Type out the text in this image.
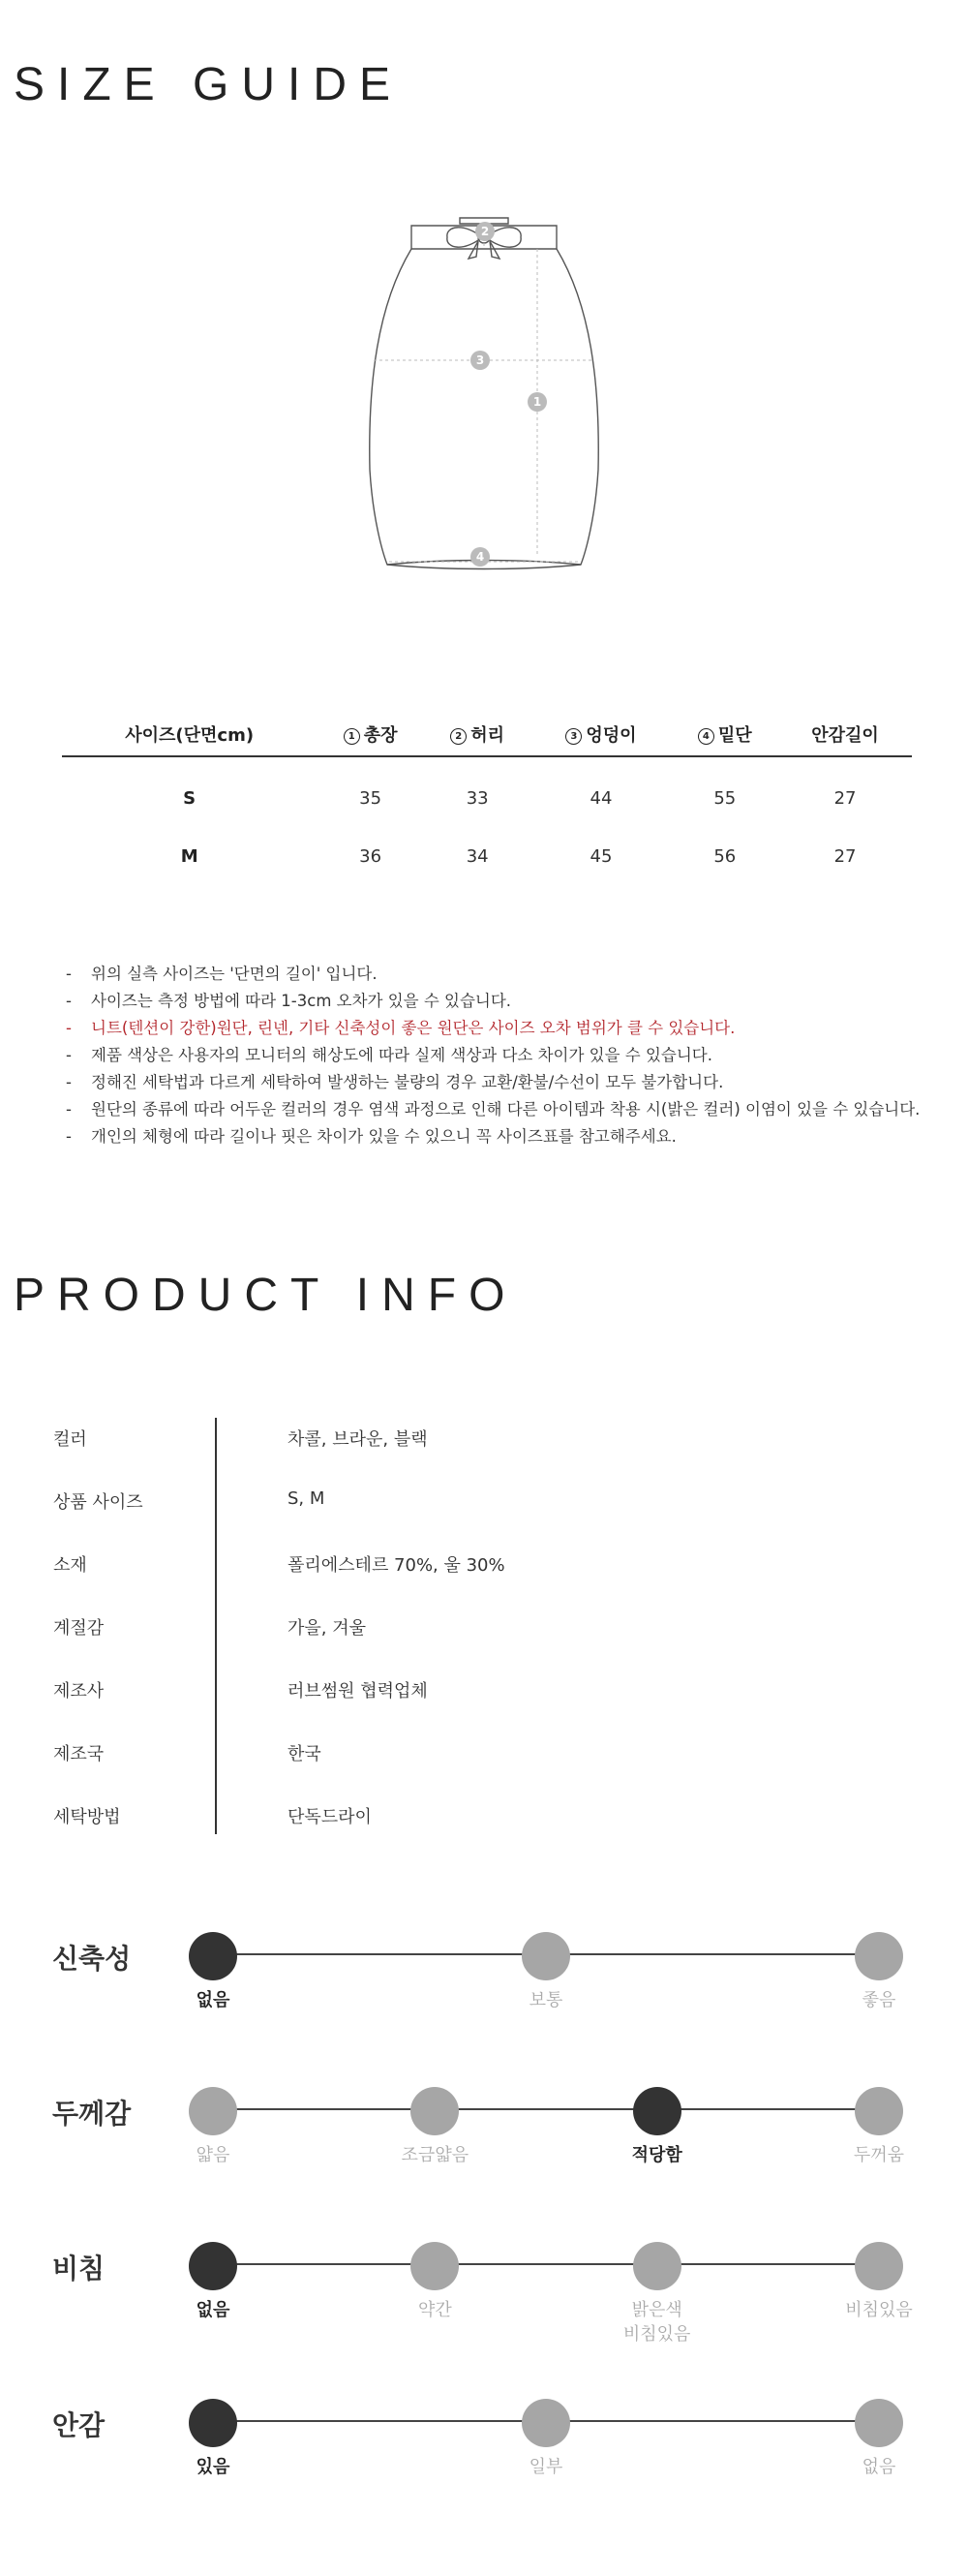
SIZE GUIDE
2
3
1
4
사이즈(단면cm)	1 총장	2 허리	3 엉덩이	4 밑단	안감길이
S	35	33	44	55	27
M	36	34	45	56	27
- 위의 실측 사이즈는 '단면의 길이' 입니다.
- 사이즈는 측정 방법에 따라 1-3cm 오차가 있을 수 있습니다.
- 니트(텐션이 강한)원단, 린넨, 기타 신축성이 좋은 원단은 사이즈 오차 범위가 클 수 있습니다.
- 제품 색상은 사용자의 모니터의 해상도에 따라 실제 색상과 다소 차이가 있을 수 있습니다.
- 정해진 세탁법과 다르게 세탁하여 발생하는 불량의 경우 교환/환불/수선이 모두 불가합니다.
- 원단의 종류에 따라 어두운 컬러의 경우 염색 과정으로 인해 다른 아이템과 착용 시(밝은 컬러) 이염이 있을 수 있습니다.
- 개인의 체형에 따라 길이나 핏은 차이가 있을 수 있으니 꼭 사이즈표를 참고해주세요.
PRODUCT INFO
컬러	차콜, 브라운, 블랙
상품 사이즈	S, M
소재	폴리에스테르 70%, 울 30%
계절감	가을, 겨울
제조사	러브썸원 협력업체
제조국	한국
세탁방법	단독드라이
신축성
없음	보통	좋음
두께감
얇음	조금얇음	적당함	두꺼움
비침
없음	약간	밝은색
비침있음
비침있음
안감
있음	일부	없음
